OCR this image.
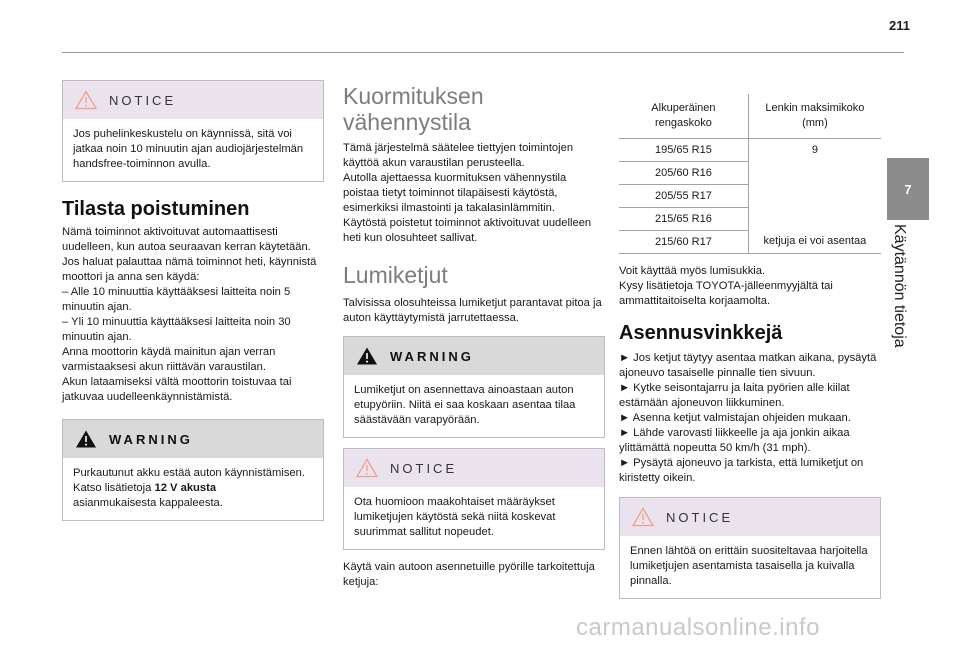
211
7
Käytännön tietoja
NOTICE

Jos puhelinkeskustelu on käynnissä, sitä voi jatkaa noin 10 minuutin ajan audiojärjestelmän handsfree-toiminnon avulla.

Tilasta poistuminen

Nämä toiminnot aktivoituvat automaattisesti uudelleen, kun autoa seuraavan kerran käytetään.

Jos haluat palauttaa nämä toiminnot heti, käynnistä moottori ja anna sen käydä:

– Alle 10 minuuttia käyttääksesi laitteita noin 5 minuutin ajan.

– Yli 10 minuuttia käyttääksesi laitteita noin 30 minuutin ajan.

Anna moottorin käydä mainitun ajan verran varmistaaksesi akun riittävän varaustilan.

Akun lataamiseksi vältä moottorin toistuvaa tai jatkuvaa uudelleenkäynnistämistä.

WARNING

Purkautunut akku estää auton käynnistämisen.

Katso lisätietoja 12 V akusta

asianmukaisesta kappaleesta.

Kuormituksen vähennystila

Tämä järjestelmä säätelee tiettyjen toimintojen käyttöä akun varaustilan perusteella.

Autolla ajettaessa kuormituksen vähennystila poistaa tietyt toiminnot tilapäisesti käytöstä, esimerkiksi ilmastointi ja takalasinlämmitin.

Käytöstä poistetut toiminnot aktivoituvat uudelleen heti kun olosuhteet sallivat.

Lumiketjut

Talvisissa olosuhteissa lumiketjut parantavat pitoa ja auton käyttäytymistä jarrutettaessa.

WARNING

Lumiketjut on asennettava ainoastaan auton etupyöriin. Niitä ei saa koskaan asentaa tilaa säästävään varapyörään.

NOTICE

Ota huomioon maakohtaiset määräykset lumiketjujen käytöstä sekä niitä koskevat suurimmat sallitut nopeudet.

Käytä vain autoon asennetuille pyörille tarkoitettuja ketjuja:

Alkuperäinen rengaskoko	Lenkin maksimikoko (mm)
195/65 R15	9
205/60 R16	
205/55 R17	
215/65 R16	
215/60 R17	ketjuja ei voi asentaa

Voit käyttää myös lumisukkia.

Kysy lisätietoja TOYOTA-jälleenmyyjältä tai ammattitaitoiselta korjaamolta.

Asennusvinkkejä

► Jos ketjut täytyy asentaa matkan aikana, pysäytä ajoneuvo tasaiselle pinnalle tien sivuun.

► Kytke seisontajarru ja laita pyörien alle kiilat estämään ajoneuvon liikkuminen.

► Asenna ketjut valmistajan ohjeiden mukaan.

► Lähde varovasti liikkeelle ja aja jonkin aikaa ylittämättä nopeutta 50 km/h (31 mph).

► Pysäytä ajoneuvo ja tarkista, että lumiketjut on kiristetty oikein.

NOTICE

Ennen lähtöä on erittäin suositeltavaa harjoitella lumiketjujen asentamista tasaisella ja kuivalla pinnalla.

carmanualsonline.info
